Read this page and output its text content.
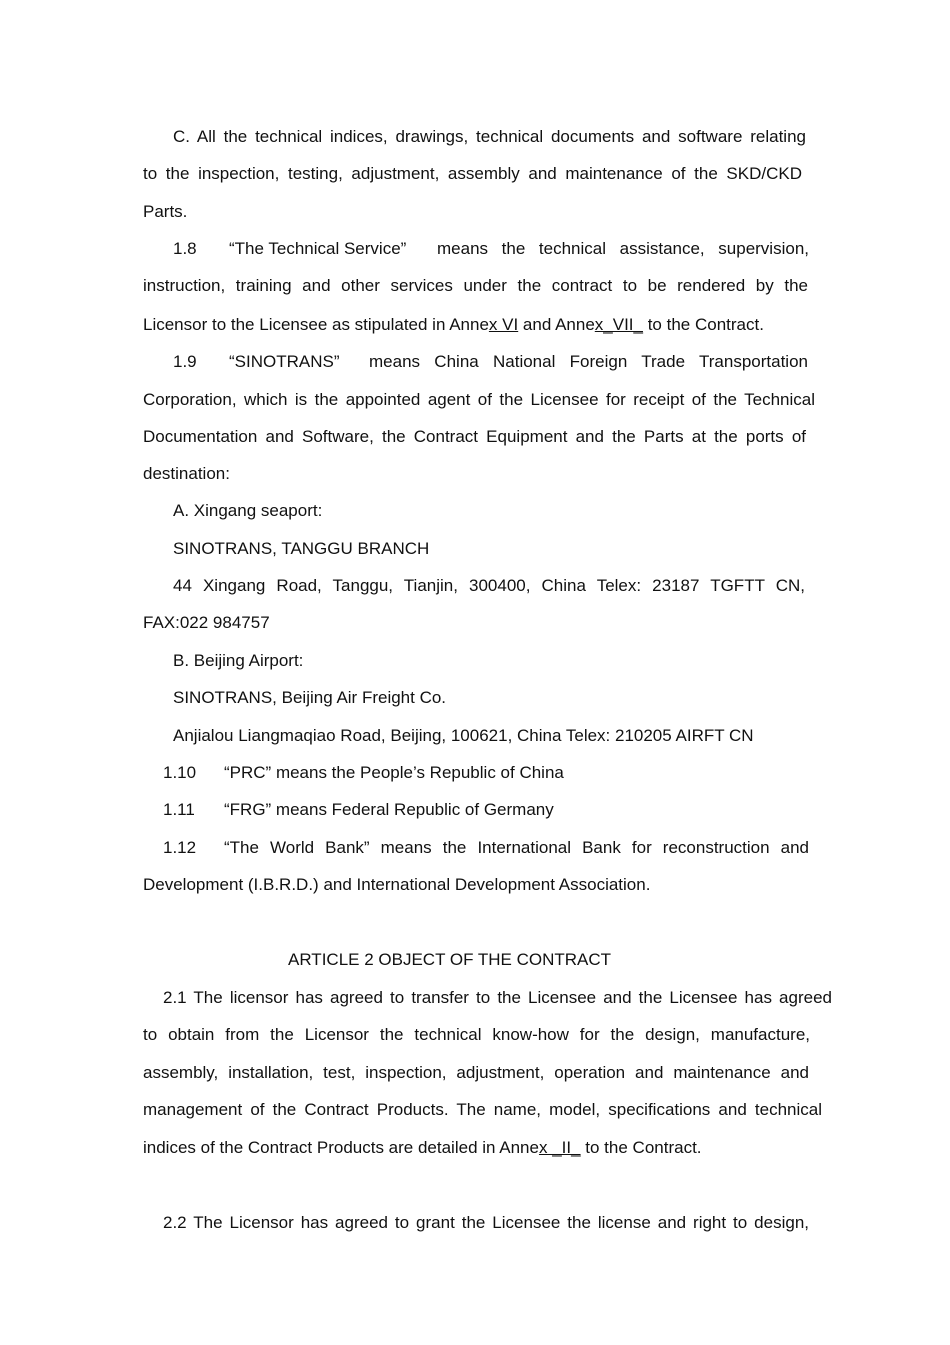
C. All the technical indices, drawings, technical documents and software relating
to the inspection, testing, adjustment, assembly and maintenance of the SKD/CKD
Parts.
1.8 “The Technical Service” means the technical assistance, supervision,
instruction, training and other services under the contract to be rendered by the
Licensor to the Licensee as stipulated in Annex VI and Annex_VII_ to the Contract.
1.9 “SINOTRANS” means China National Foreign Trade Transportation
Corporation, which is the appointed agent of the Licensee for receipt of the Technical
Documentation and Software, the Contract Equipment and the Parts at the ports of
destination:
A. Xingang seaport:
SINOTRANS, TANGGU BRANCH
44 Xingang Road, Tanggu, Tianjin, 300400, China Telex: 23187 TGFTT CN,
FAX:022 984757
B. Beijing Airport:
SINOTRANS, Beijing Air Freight Co.
Anjialou Liangmaqiao Road, Beijing, 100621, China Telex: 210205 AIRFT CN
1.10 “PRC” means the People’s Republic of China
1.11 “FRG” means Federal Republic of Germany
1.12 “The World Bank” means the International Bank for reconstruction and
Development (I.B.R.D.) and International Development Association.
ARTICLE 2 OBJECT OF THE CONTRACT
2.1 The licensor has agreed to transfer to the Licensee and the Licensee has agreed
to obtain from the Licensor the technical know-how for the design, manufacture,
assembly, installation, test, inspection, adjustment, operation and maintenance and
management of the Contract Products. The name, model, specifications and technical
indices of the Contract Products are detailed in Annex _II_ to the Contract.
2.2 The Licensor has agreed to grant the Licensee the license and right to design,
